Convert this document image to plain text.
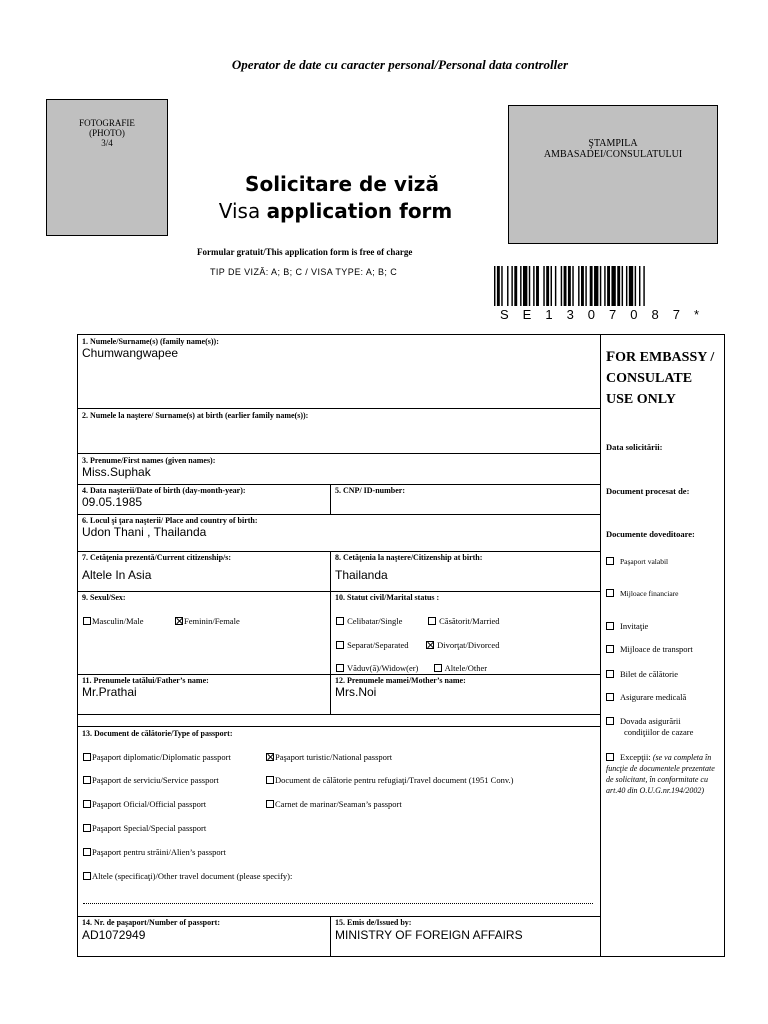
Operator de date cu caracter personal/Personal data controller
FOTOGRAFIE
(PHOTO)
3/4	ŞTAMPILA
AMBASADEI/CONSULATULUI
Solicitare de viză
Visa application form
Formular gratuit/This application form is free of charge
TIP DE VIZĂ: A; B; C / VISA TYPE: A; B; C
SE1307087*
1. Numele/Surname(s) (family name(s)):
Chumwangwapee
2. Numele la naştere/ Surname(s) at birth (earlier family name(s)):
3. Prenume/First names (given names):
Miss.Suphak
4. Data naşterii/Date of birth (day-month-year):
09.05.1985
5. CNP/ ID-number:
6. Locul şi ţara naşterii/ Place and country of birth:
Udon Thani , Thailanda
7. Cetăţenia prezentă/Current citizenship/s:
Altele In Asia
8. Cetăţenia la naştere/Citizenship at birth:
Thailanda
9. Sexul/Sex:
Masculin/Male	Feminin/Female
10. Statut civil/Marital status :
Celibatar/Single	Căsătorit/Married
Separat/Separated	Divorţat/Divorced
Văduv(ă)/Widow(er)	Altele/Other
11. Prenumele tatălui/Father’s name:
Mr.Prathai
12. Prenumele mamei/Mother’s name:
Mrs.Noi
13. Document de călătorie/Type of passport:
Paşaport diplomatic/Diplomatic passport	Paşaport turistic/National passport
Paşaport de serviciu/Service passport	Document de călătorie pentru refugiaţi/Travel document (1951 Conv.)
Paşaport Oficial/Official passport	Carnet de marinar/Seaman’s passport
Paşaport Special/Special passport
Paşaport pentru străini/Alien’s passport
Altele (specificaţi)/Other travel document (please specify):
14. Nr. de paşaport/Number of passport:
AD1072949
15. Emis de/Issued by:
MINISTRY OF FOREIGN AFFAIRS
FOR EMBASSY /
CONSULATE
USE ONLY
Data solicitării:
Document procesat de:
Documente doveditoare:
Paşaport valabil
Mijloace financiare
Invitaţie
Mijloace de transport
Bilet de călătorie
Asigurare medicală
Dovada asigurării
condiţiilor de cazare
Excepţii: (se va completa în funcţie de documentele prezentate de solicitant, în conformitate cu art.40 din O.U.G.nr.194/2002)
